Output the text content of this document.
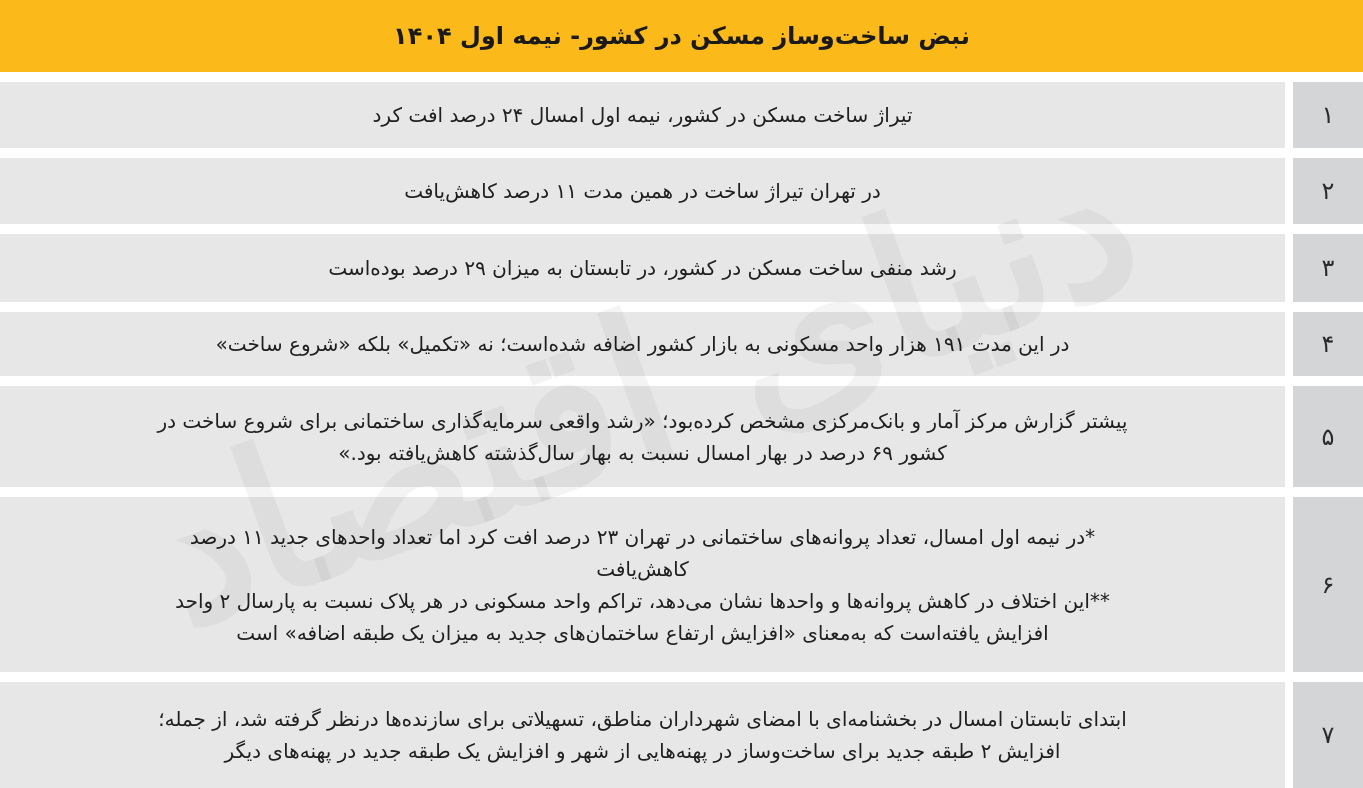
نبض ساخت‌وساز مسکن در کشور- نیمه اول ۱۴۰۴
۱
تیراژ ساخت مسکن در کشور، نیمه اول امسال ۲۴ درصد افت کرد
۲
در تهران تیراژ ساخت در همین مدت ۱۱ درصد کاهش‌یافت
۳
رشد منفی ساخت مسکن در کشور، در تابستان به میزان ۲۹ درصد بوده‌است
۴
در این مدت ۱۹۱ هزار واحد مسکونی به بازار کشور اضافه شده‌است؛ نه «تکمیل» بلکه «شروع ساخت»
۵
پیشتر گزارش مرکز آمار و بانک‌مرکزی مشخص کرده‌بود؛ «رشد واقعی سرمایه‌گذاری ساختمانی برای شروع ساخت در
کشور ۶۹ درصد در بهار امسال نسبت به بهار سال‌گذشته کاهش‌یافته بود.»
۶
*در نیمه اول امسال، تعداد پروانه‌های ساختمانی در تهران ۲۳ درصد افت کرد اما تعداد واحدهای جدید ۱۱ درصد
کاهش‌یافت
**این اختلاف در کاهش پروانه‌ها و واحدها نشان می‌دهد، تراکم واحد مسکونی در هر پلاک نسبت به پارسال ۲ واحد
افزایش یافته‌است که به‌معنای «افزایش ارتفاع ساختمان‌های جدید به میزان یک طبقه اضافه» است
۷
ابتدای تابستان امسال در بخشنامه‌ای با امضای شهرداران مناطق، تسهیلاتی برای سازنده‌ها درنظر گرفته شد، از جمله؛
افزایش ۲ طبقه جدید برای ساخت‌وساز در پهنه‌هایی از شهر و افزایش یک طبقه جدید در پهنه‌های دیگر
